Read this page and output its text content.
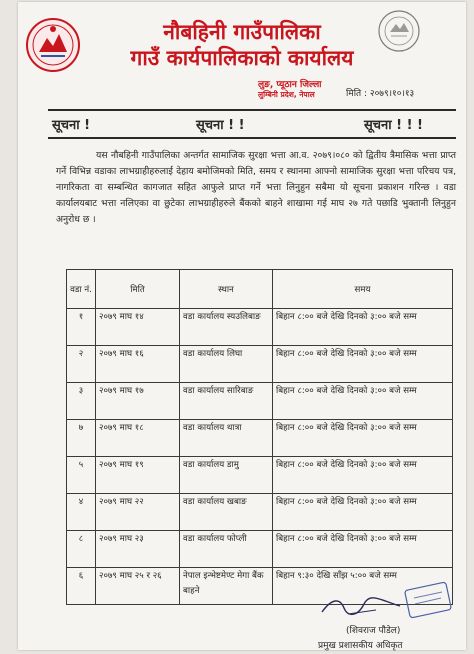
नौबहिनी गाउँपालिका
गाउँ कार्यपालिकाको कार्यालय
लुङ, प्यूठान जिल्ला
लुम्बिनी प्रदेश, नेपाल	मिति : २०७९।१०।१३
सूचना !	सूचना ! !	सूचना ! ! !
यस नौबहिनी गाउँपालिका अन्तर्गत सामाजिक सुरक्षा भत्ता आ.व. २०७९।०८० को द्वितीय त्रैमासिक भत्ता प्राप्त गर्ने विभिन्न वडाका लाभग्राहीहरुलाई देहाय बमोजिमको मिति, समय र स्थानमा आफ्नो सामाजिक सुरक्षा भत्ता परिचय पत्र, नागरिकता वा सम्बन्धित कागजात सहित आफुले प्राप्त गर्ने भत्ता लिनुहुन सबैमा यो सूचना प्रकाशन गरिन्छ । वडा कार्यालयबाट भत्ता नलिएका वा छुटेका लाभग्राहीहरुले बैंकको बाहने शाखामा गई माघ २७ गते पछाडि भुक्तानी लिनुहुन अनुरोध छ ।
वडा नं.	मिति	स्थान	समय
१	२०७९ माघ १४	वडा कार्यालय स्यउलिबाङ	बिहान ८:०० बजे देखि दिनको ३:०० बजे सम्म
२	२०७९ माघ १६	वडा कार्यालय लिघा	बिहान ८:०० बजे देखि दिनको ३:०० बजे सम्म
३	२०७९ माघ १७	वडा कार्यालय सारिबाङ	बिहान ८:०० बजे देखि दिनको ३:०० बजे सम्म
७	२०७९ माघ १८	वडा कार्यालय थात्रा	बिहान ८:०० बजे देखि दिनको ३:०० बजे सम्म
५	२०७९ माघ १९	वडा कार्यालय डामु	बिहान ८:०० बजे देखि दिनको ३:०० बजे सम्म
४	२०७९ माघ २२	वडा कार्यालय खबाङ	बिहान ८:०० बजे देखि दिनको ३:०० बजे सम्म
८	२०७९ माघ २३	वडा कार्यालय फोप्ली	बिहान ८:०० बजे देखि दिनको ३:०० बजे सम्म
६	२०७९ माघ २५ र २६	नेपाल इन्भेष्टमेण्ट मेगा बैंक बाहने	बिहान ९:३० देखि साँझ ५:०० बजे सम्म
(शिवराज पौडेल)
प्रमुख प्रशासकीय अधिकृत
